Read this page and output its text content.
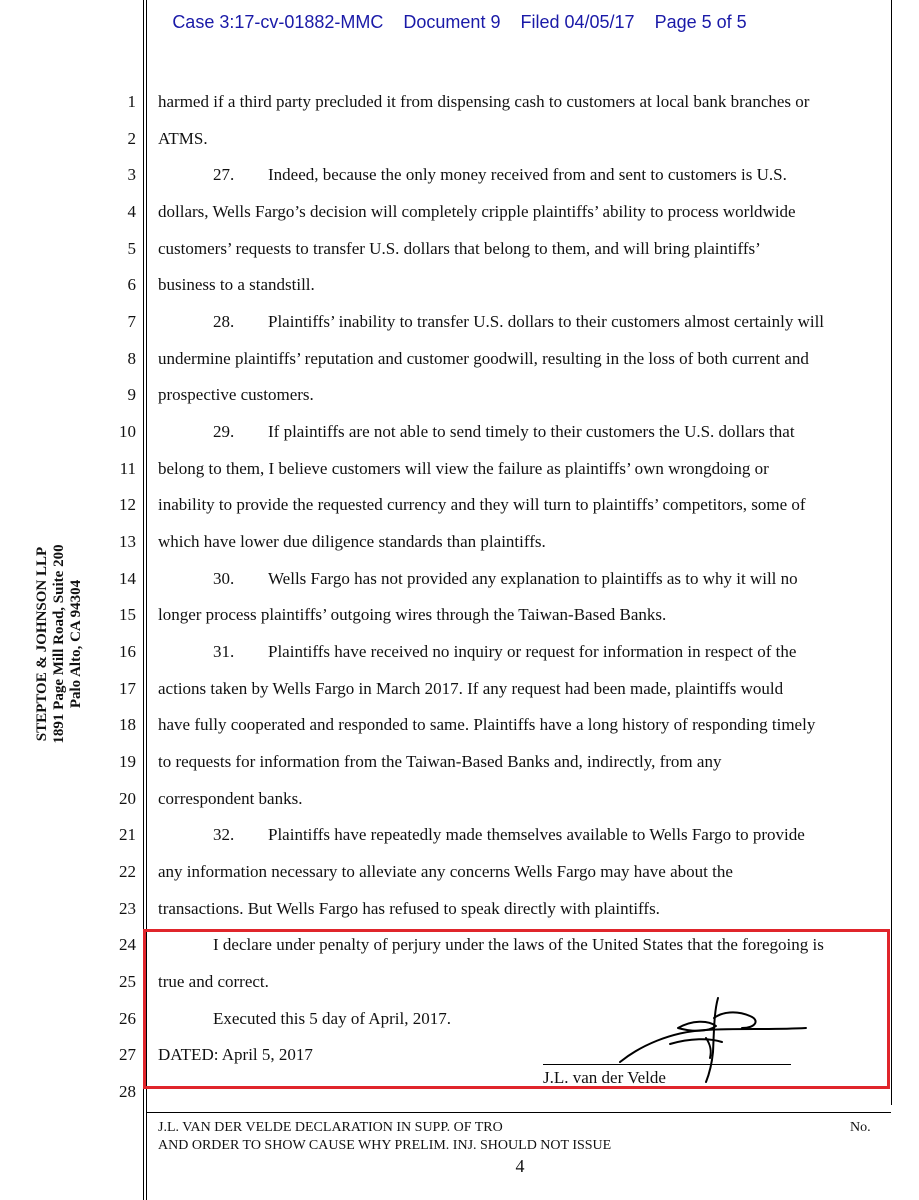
Case 3:17-cv-01882-MMC Document 9 Filed 04/05/17 Page 5 of 5
STEPTOE & JOHNSON LLP 1891 Page Mill Road, Suite 200 Palo Alto, CA 94304
1
2
3
4
5
6
7
8
9
10
11
12
13
14
15
16
17
18
19
20
21
22
23
24
25
26
27
28
harmed if a third party precluded it from dispensing cash to customers at local bank branches or
ATMS.
27. Indeed, because the only money received from and sent to customers is U.S.
dollars, Wells Fargo’s decision will completely cripple plaintiffs’ ability to process worldwide
customers’ requests to transfer U.S. dollars that belong to them, and will bring plaintiffs’
business to a standstill.
28. Plaintiffs’ inability to transfer U.S. dollars to their customers almost certainly will
undermine plaintiffs’ reputation and customer goodwill, resulting in the loss of both current and
prospective customers.
29. If plaintiffs are not able to send timely to their customers the U.S. dollars that
belong to them, I believe customers will view the failure as plaintiffs’ own wrongdoing or
inability to provide the requested currency and they will turn to plaintiffs’ competitors, some of
which have lower due diligence standards than plaintiffs.
30. Wells Fargo has not provided any explanation to plaintiffs as to why it will no
longer process plaintiffs’ outgoing wires through the Taiwan-Based Banks.
31. Plaintiffs have received no inquiry or request for information in respect of the
actions taken by Wells Fargo in March 2017. If any request had been made, plaintiffs would
have fully cooperated and responded to same. Plaintiffs have a long history of responding timely
to requests for information from the Taiwan-Based Banks and, indirectly, from any
correspondent banks.
32. Plaintiffs have repeatedly made themselves available to Wells Fargo to provide
any information necessary to alleviate any concerns Wells Fargo may have about the
transactions. But Wells Fargo has refused to speak directly with plaintiffs.
I declare under penalty of perjury under the laws of the United States that the foregoing is
true and correct.
Executed this 5 day of April, 2017.
DATED: April 5, 2017
J.L. van der Velde
J.L. VAN DER VELDE DECLARATION IN SUPP. OF TRO
AND ORDER TO SHOW CAUSE WHY PRELIM. INJ. SHOULD NOT ISSUE
No.
4
